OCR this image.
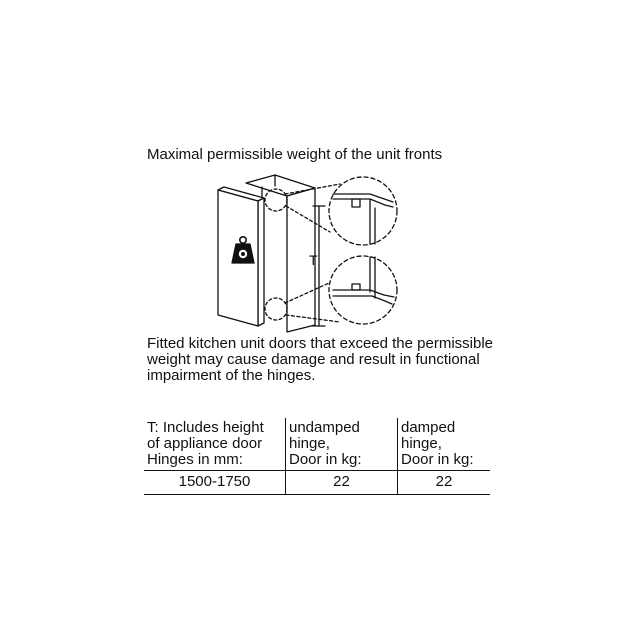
Maximal permissible weight of the unit fronts
T
Fitted kitchen unit doors that exceed the permissible
weight may cause damage and result in functional
impairment of the hinges.
T: Includes height	undamped	damped
of appliance door	hinge,	hinge,
Hinges in mm:	Door in kg:	Door in kg:
1500-1750	22	22
